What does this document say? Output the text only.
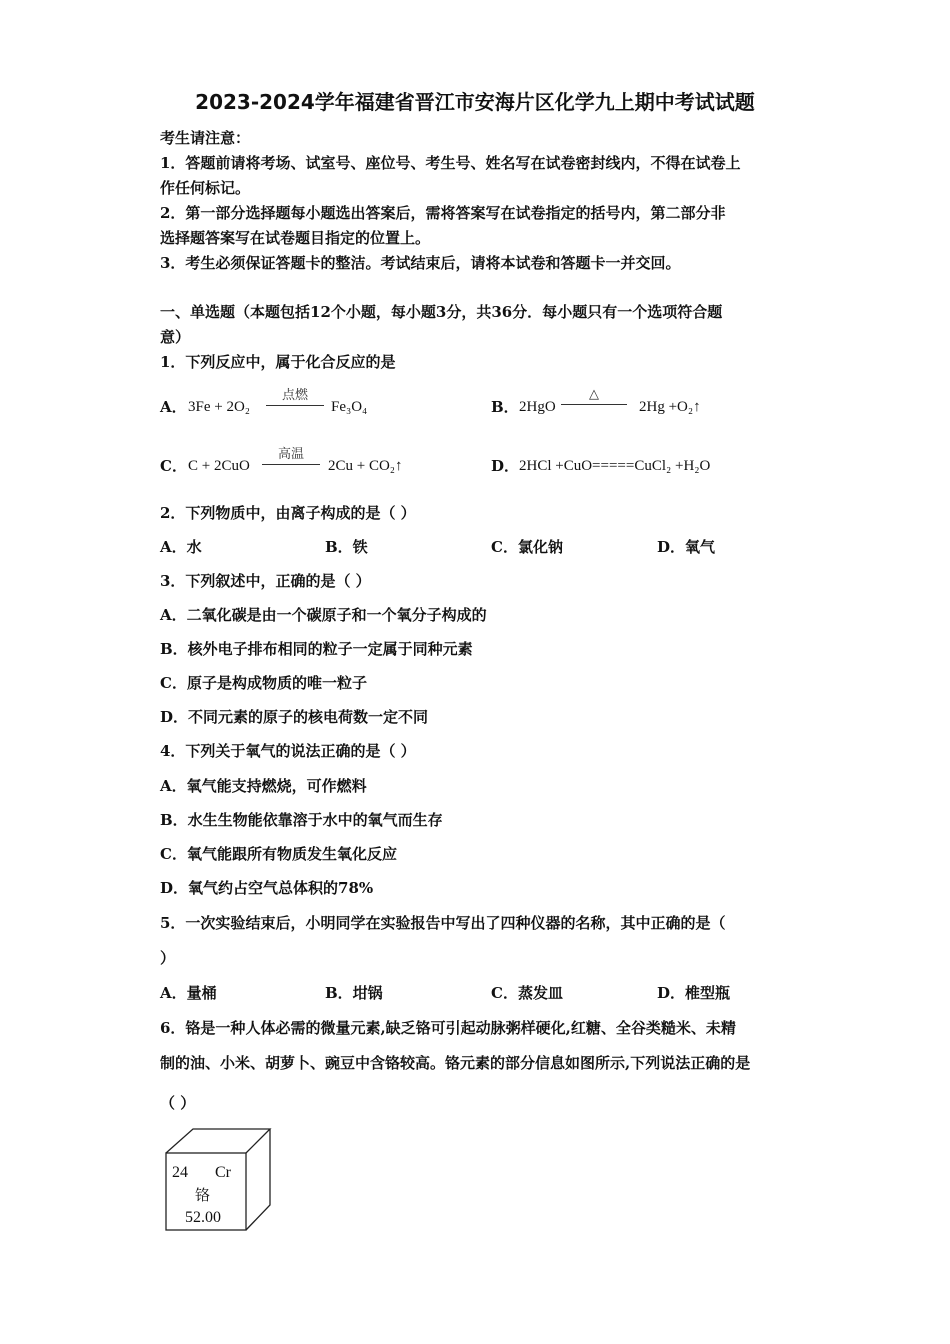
2023-2024学年福建省晋江市安海片区化学九上期中考试试题
考生请注意：
1．答题前请将考场、试室号、座位号、考生号、姓名写在试卷密封线内，不得在试卷上
作任何标记。
2．第一部分选择题每小题选出答案后，需将答案写在试卷指定的括号内，第二部分非
选择题答案写在试卷题目指定的位置上。
3．考生必须保证答题卡的整洁。考试结束后，请将本试卷和答题卡一并交回。
一、单选题（本题包括12个小题，每小题3分，共36分．每小题只有一个选项符合题
意）
1．下列反应中，属于化合反应的是
A． 3Fe + 2O₂
点燃
Fe₃O₄	B． 2HgO
△
2Hg +O₂↑
C． C + 2CuO
高温
2Cu + CO₂↑	D． 2HCl +CuO=====CuCl₂ +H₂O
2．下列物质中，由离子构成的是（ ）
A．水	B．铁	C．氯化钠	D．氧气
3．下列叙述中，正确的是（ ）
A．二氧化碳是由一个碳原子和一个氧分子构成的
B．核外电子排布相同的粒子一定属于同种元素
C．原子是构成物质的唯一粒子
D．不同元素的原子的核电荷数一定不同
4．下列关于氧气的说法正确的是（ ）
A．氧气能支持燃烧，可作燃料
B．水生生物能依靠溶于水中的氧气而生存
C．氧气能跟所有物质发生氧化反应
D．氧气约占空气总体积的78%
5．一次实验结束后，小明同学在实验报告中写出了四种仪器的名称，其中正确的是（
）
A．量桶	B．坩锅	C．蒸发皿	D．椎型瓶
6．铬是一种人体必需的微量元素,缺乏铬可引起动脉粥样硬化,红糖、全谷类糙米、未精
制的油、小米、胡萝卜、豌豆中含铬较高。铬元素的部分信息如图所示,下列说法正确的是
（ ）
24 Cr
铬
52.00
